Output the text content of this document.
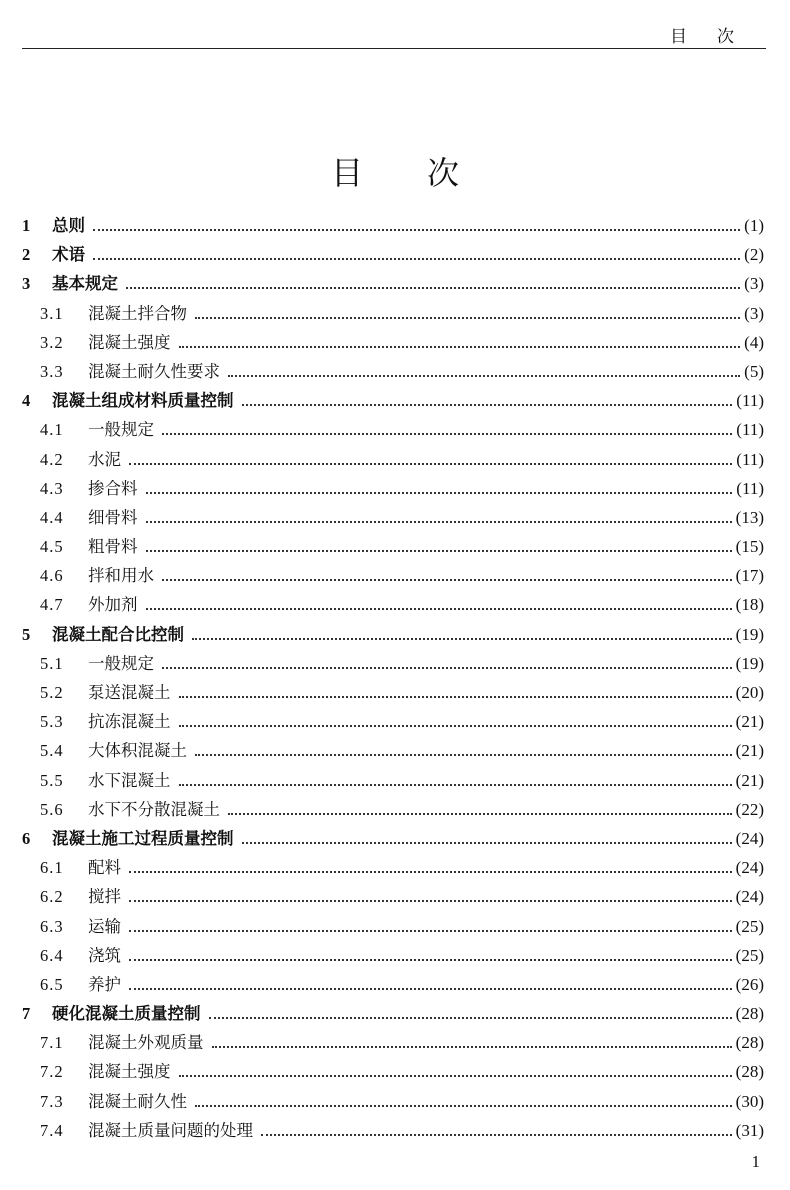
目次
目次
1	总则	(1)
2	术语	(2)
3	基本规定	(3)
3.1	混凝土拌合物	(3)
3.2	混凝土强度	(4)
3.3	混凝土耐久性要求	(5)
4	混凝土组成材料质量控制	(11)
4.1	一般规定	(11)
4.2	水泥	(11)
4.3	掺合料	(11)
4.4	细骨料	(13)
4.5	粗骨料	(15)
4.6	拌和用水	(17)
4.7	外加剂	(18)
5	混凝土配合比控制	(19)
5.1	一般规定	(19)
5.2	泵送混凝土	(20)
5.3	抗冻混凝土	(21)
5.4	大体积混凝土	(21)
5.5	水下混凝土	(21)
5.6	水下不分散混凝土	(22)
6	混凝土施工过程质量控制	(24)
6.1	配料	(24)
6.2	搅拌	(24)
6.3	运输	(25)
6.4	浇筑	(25)
6.5	养护	(26)
7	硬化混凝土质量控制	(28)
7.1	混凝土外观质量	(28)
7.2	混凝土强度	(28)
7.3	混凝土耐久性	(30)
7.4	混凝土质量问题的处理	(31)
1
